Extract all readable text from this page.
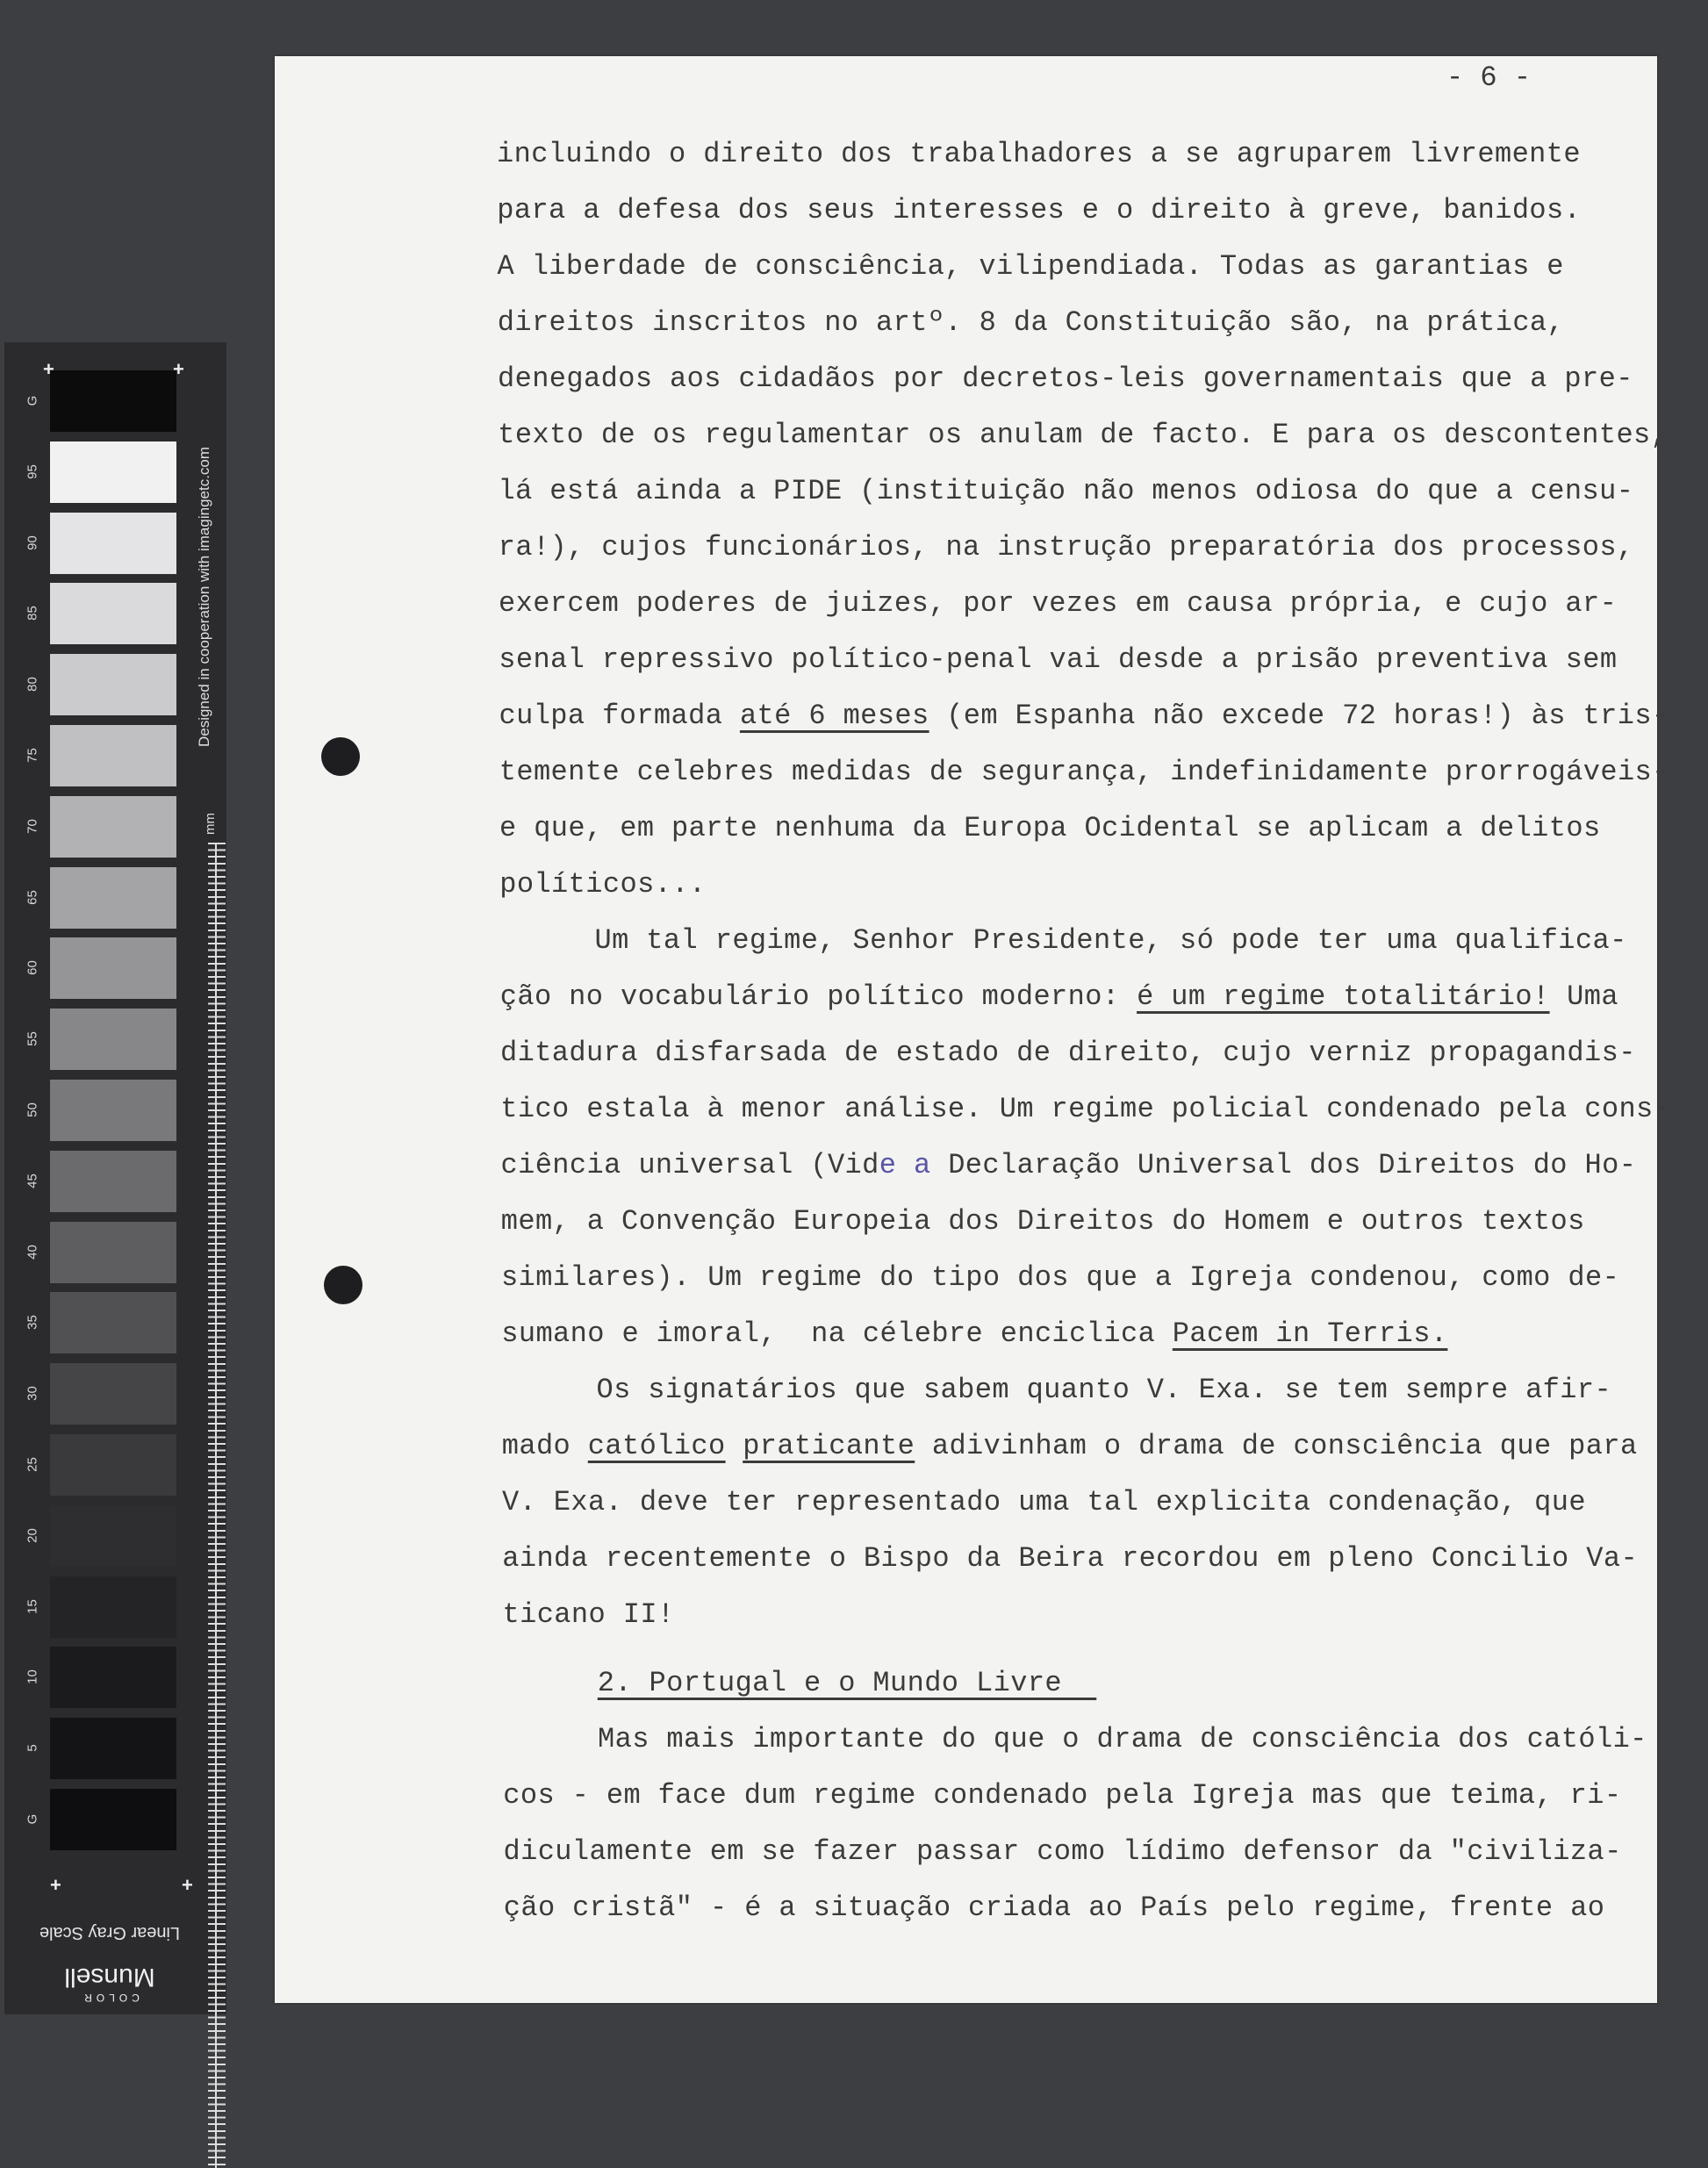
G
95
90
85
80
75
70
65
60
55
50
45
40
35
30
25
20
15
10
5
G
+	+
+	+
Designed in cooperation with imagingetc.com
mm
Linear Gray Scale
COLOR
Munsell
- 6 -
incluindo o direito dos trabalhadores a se agruparem livremente
para a defesa dos seus interesses e o direito à greve, banidos.
A liberdade de consciência, vilipendiada. Todas as garantias e
direitos inscritos no artº. 8 da Constituição são, na prática,
denegados aos cidadãos por decretos-leis governamentais que a pre-
texto de os regulamentar os anulam de facto. E para os descontentes,
lá está ainda a PIDE (instituição não menos odiosa do que a censu-
ra!), cujos funcionários, na instrução preparatória dos processos,
exercem poderes de juizes, por vezes em causa própria, e cujo ar-
senal repressivo político-penal vai desde a prisão preventiva sem
culpa formada até 6 meses (em Espanha não excede 72 horas!) às tris-
temente celebres medidas de segurança, indefinidamente prorrogáveis-
e que, em parte nenhuma da Europa Ocidental se aplicam a delitos
políticos...
Um tal regime, Senhor Presidente, só pode ter uma qualifica-
ção no vocabulário político moderno: é um regime totalitário! Uma
ditadura disfarsada de estado de direito, cujo verniz propagandis-
tico estala à menor análise. Um regime policial condenado pela cons-
ciência universal (Vide a Declaração Universal dos Direitos do Ho-
mem, a Convenção Europeia dos Direitos do Homem e outros textos
similares). Um regime do tipo dos que a Igreja condenou, como de-
sumano e imoral,  na célebre enciclica Pacem in Terris.
Os signatários que sabem quanto V. Exa. se tem sempre afir-
mado católico praticante adivinham o drama de consciência que para
V. Exa. deve ter representado uma tal explicita condenação, que
ainda recentemente o Bispo da Beira recordou em pleno Concilio Va-
ticano II!
2. Portugal e o Mundo Livre
Mas mais importante do que o drama de consciência dos católi-
cos - em face dum regime condenado pela Igreja mas que teima, ri-
diculamente em se fazer passar como lídimo defensor da "civiliza-
ção cristã" - é a situação criada ao País pelo regime, frente ao
